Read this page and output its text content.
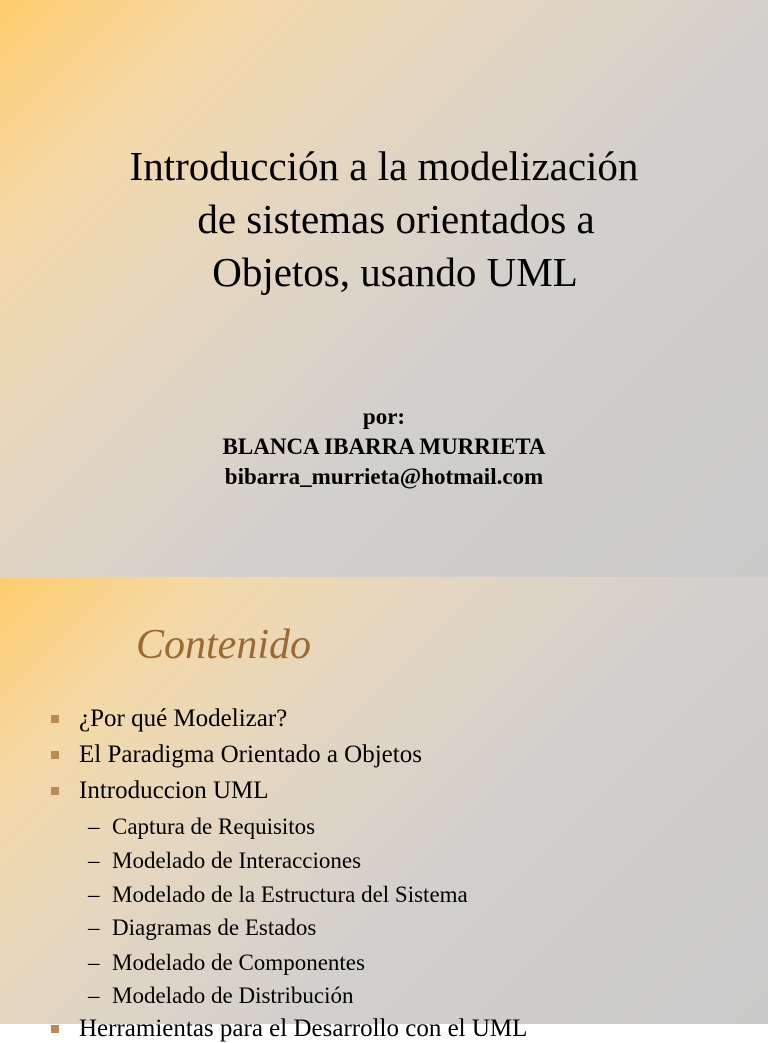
Introducción a la modelización
de sistemas orientados a
Objetos, usando UML
por:
BLANCA IBARRA MURRIETA
bibarra_murrieta@hotmail.com
Contenido
¿Por qué Modelizar?
El Paradigma Orientado a Objetos
Introduccion UML
– Captura de Requisitos
– Modelado de Interacciones
– Modelado de la Estructura del Sistema
– Diagramas de Estados
– Modelado de Componentes
– Modelado de Distribución
Herramientas para el Desarrollo con el UML
